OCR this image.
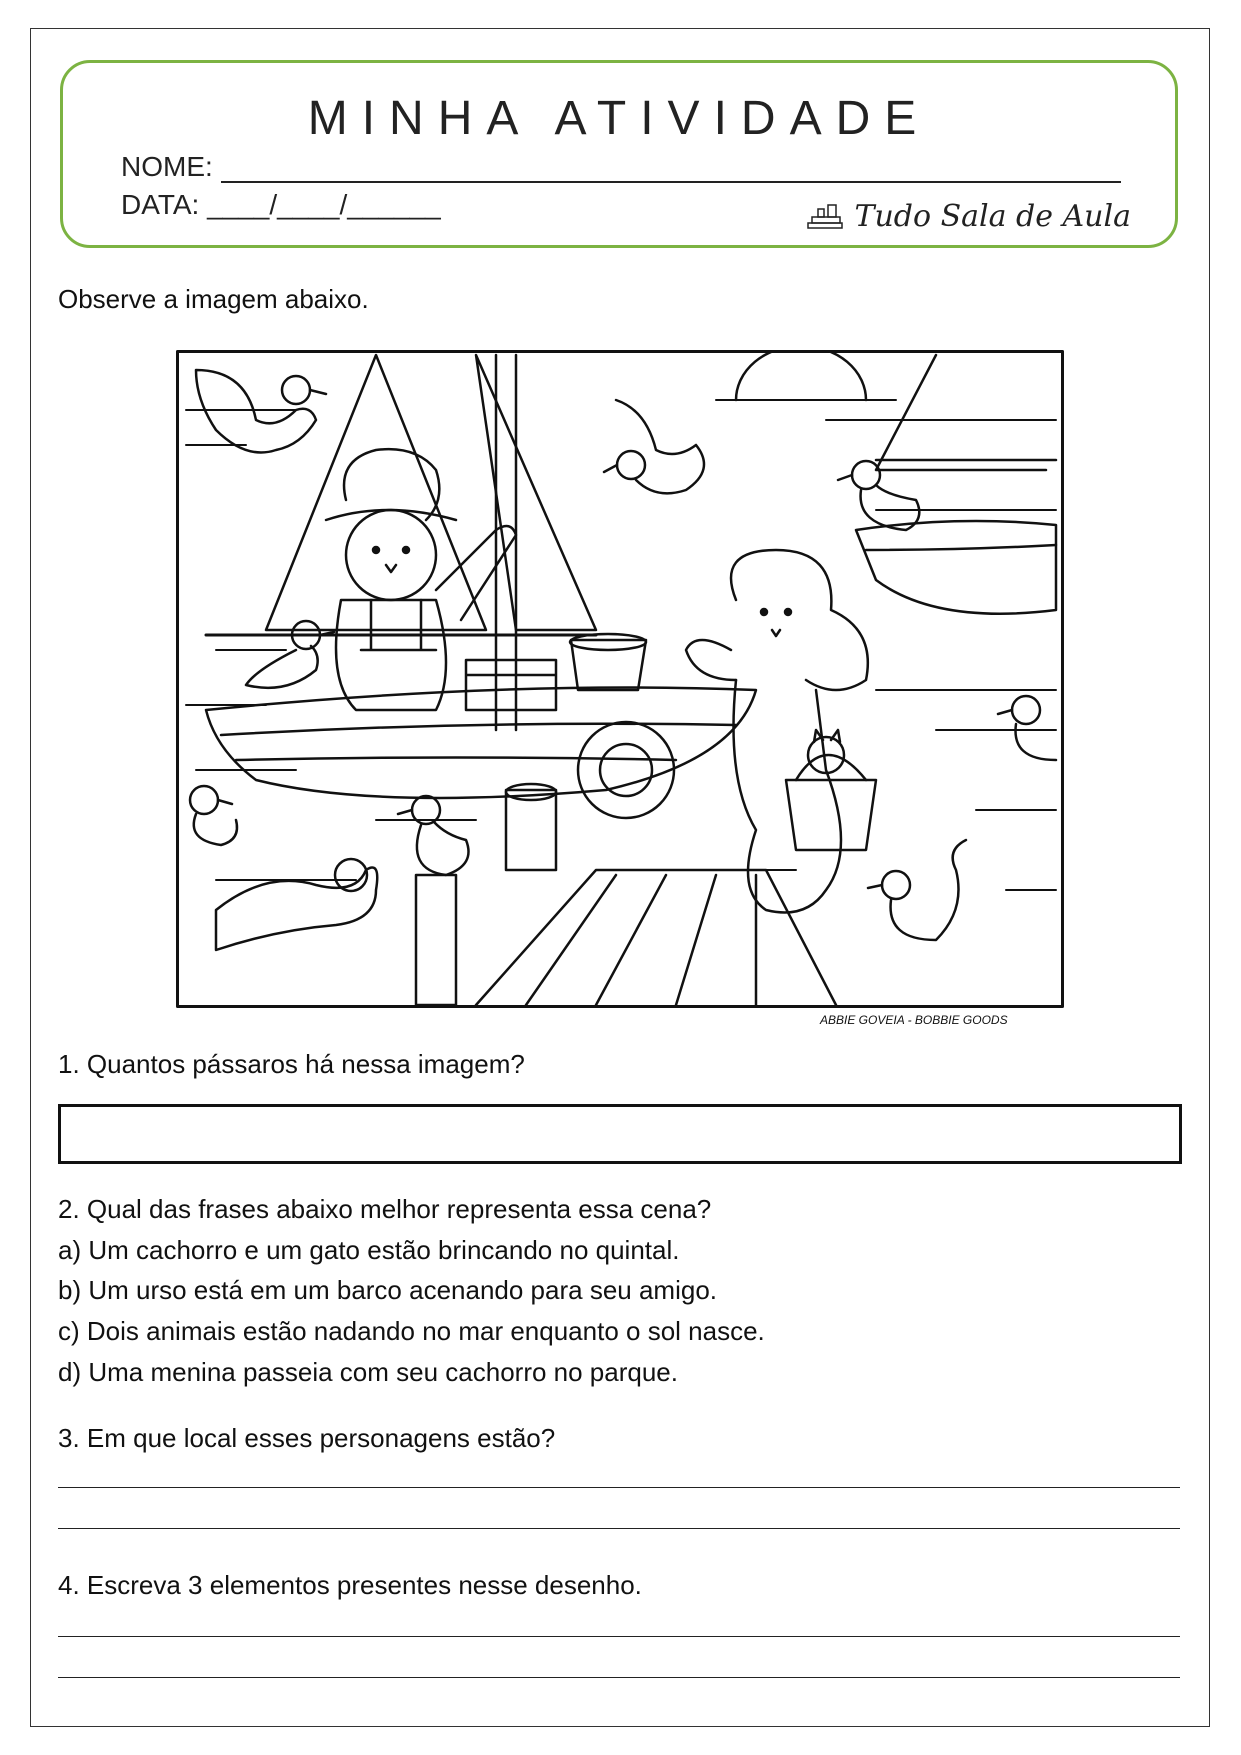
MINHA ATIVIDADE
NOME:
DATA: ____/____/______	Tudo Sala de Aula
Observe a imagem abaixo.
ABBIE GOVEIA - BOBBIE GOODS
1. Quantos pássaros há nessa imagem?
2. Qual das frases abaixo melhor representa essa cena?
a) Um cachorro e um gato estão brincando no quintal.
b) Um urso está em um barco acenando para seu amigo.
c) Dois animais estão nadando no mar enquanto o sol nasce.
d) Uma menina passeia com seu cachorro no parque.
3. Em que local esses personagens estão?
4. Escreva 3 elementos presentes nesse desenho.
